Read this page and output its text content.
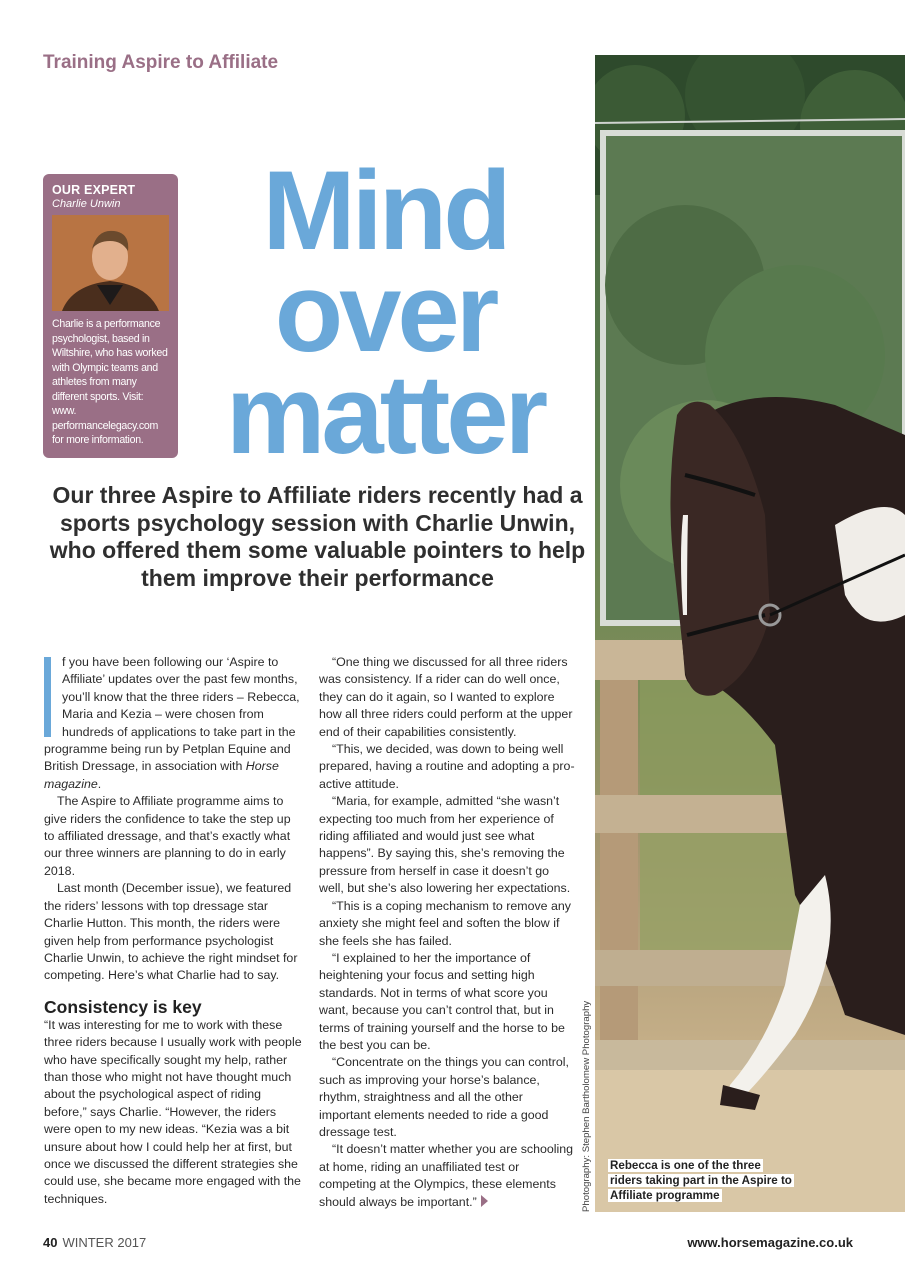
Training Aspire to Affiliate
OUR EXPERT
Charlie Unwin
Charlie is a performance psychologist, based in Wiltshire, who has worked with Olympic teams and athletes from many different sports. Visit: www. performancelegacy.com for more information.
Mind
over
matter
Our three Aspire to Affiliate riders recently had a sports psychology session with Charlie Unwin, who offered them some valuable pointers to help them improve their performance

f you have been following our ‘Aspire to Affiliate’ updates over the past few months, you’ll know that the three riders – Rebecca, Maria and Kezia – were chosen from hundreds of applications to take part in the programme being run by Petplan Equine and British Dressage, in association with Horse magazine.

The Aspire to Affiliate programme aims to give riders the confidence to take the step up to affiliated dressage, and that’s exactly what our three winners are planning to do in early 2018.

Last month (December issue), we featured the riders’ lessons with top dressage star Charlie Hutton. This month, the riders were given help from performance psychologist Charlie Unwin, to achieve the right mindset for competing. Here’s what Charlie had to say.

Consistency is key

“It was interesting for me to work with these three riders because I usually work with people who have specifically sought my help, rather than those who might not have thought much about the psychological aspect of riding before,” says Charlie. “However, the riders were open to my new ideas. “Kezia was a bit unsure about how I could help her at first, but once we discussed the different strategies she could use, she became more engaged with the techniques.

“One thing we discussed for all three riders was consistency. If a rider can do well once, they can do it again, so I wanted to explore how all three riders could perform at the upper end of their capabilities consistently.

“This, we decided, was down to being well prepared, having a routine and adopting a pro-active attitude.

“Maria, for example, admitted “she wasn’t expecting too much from her experience of riding affiliated and would just see what happens”. By saying this, she’s removing the pressure from herself in case it doesn’t go well, but she’s also lowering her expectations.

“This is a coping mechanism to remove any anxiety she might feel and soften the blow if she feels she has failed.

“I explained to her the importance of heightening your focus and setting high standards. Not in terms of what score you want, because you can’t control that, but in terms of training yourself and the horse to be the best you can be.

“Concentrate on the things you can control, such as improving your horse’s balance, rhythm, straightness and all the other important elements needed to ride a good dressage test.

“It doesn’t matter whether you are schooling at home, riding an unaffiliated test or competing at the Olympics, these elements should always be important.”	Photography: Stephen Bartholomew Photography Rebecca is one of the three riders taking part in the Aspire to Affiliate programme
40 WINTER 2017	www.horsemagazine.co.uk
